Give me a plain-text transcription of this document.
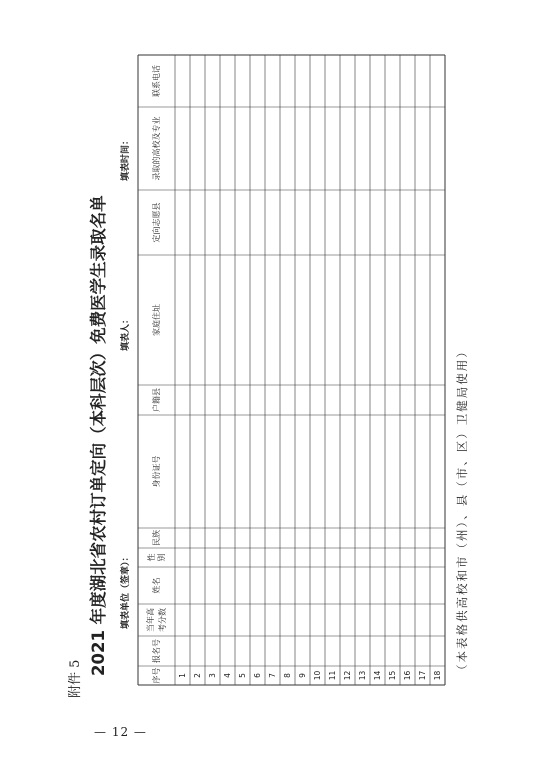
附件 5
— 12 —
2021 年度湖北省农村订单定向（本科层次）免费医学生录取名单	填表单位（签章）：
填表人：
填表时间：
（本表格供高校和市（州）、县（市、区）卫健局使用）
序号
报名号
当年高 考分数
姓名
性 别
民族
身份证号
户籍县
家庭住址
定向志愿县
录取的高校及专业
联系电话
1 2 3 4 5 6 7 8 9 10 11 12 13 14 15 16 17 18
